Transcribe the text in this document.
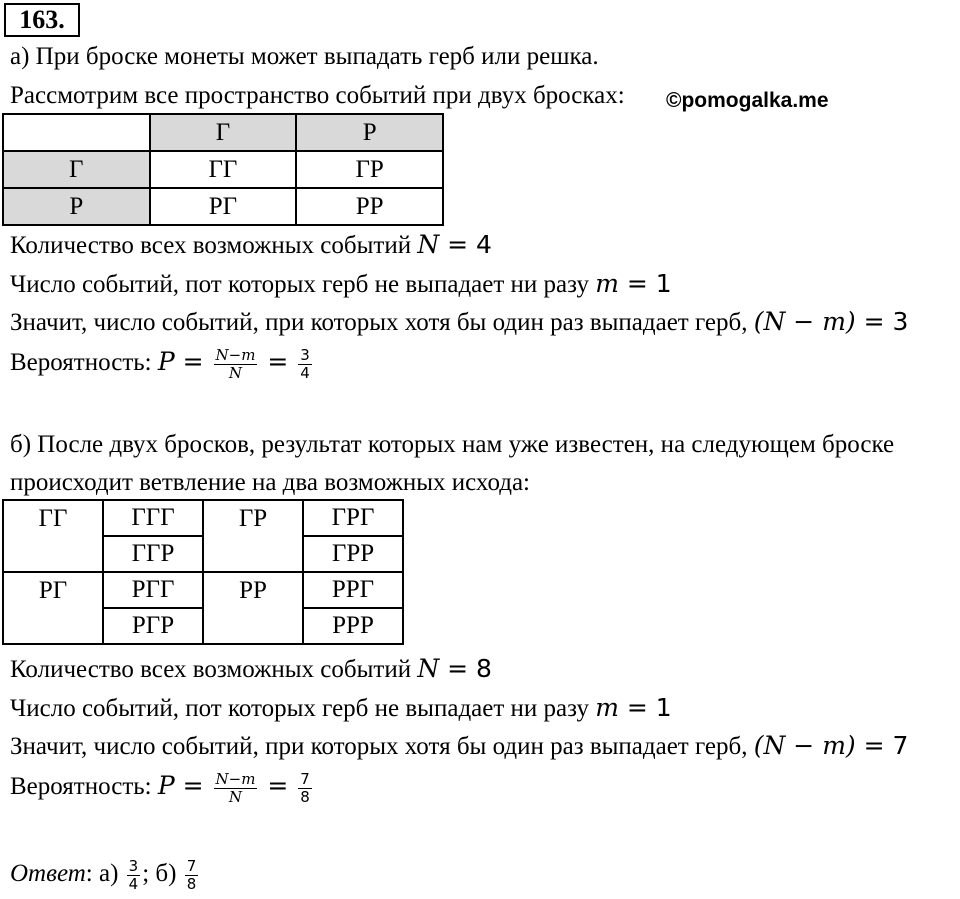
163.
а) При броске монеты может выпадать герб или решка.
Рассмотрим все пространство событий при двух бросках: ©pomogalka.me
	Г	Р
Г	ГГ	ГР
Р	РГ	РР
Количество всех возможных событий N = 4
Число событий, пот которых герб не выпадает ни разу m = 1
Значит, число событий, при которых хотя бы один раз выпадает герб, (N − m) = 3
Вероятность: $P = \frac{N-m}{N} = \frac{3}{4}$
б) После двух бросков, результат которых нам уже известен, на следующем броске
происходит ветвление на два возможных исхода:
ГГ	ГГГ	ГР	ГРГ
	ГГР		ГРР
РГ	РГГ	РР	РРГ
	РГР		РРР
Количество всех возможных событий N = 8
Число событий, пот которых герб не выпадает ни разу m = 1
Значит, число событий, при которых хотя бы один раз выпадает герб, (N − m) = 7
Вероятность: $P = \frac{N-m}{N} = \frac{7}{8}$
Ответ: $а) \frac{3}{4}$ ; $б) \frac{7}{8}$
